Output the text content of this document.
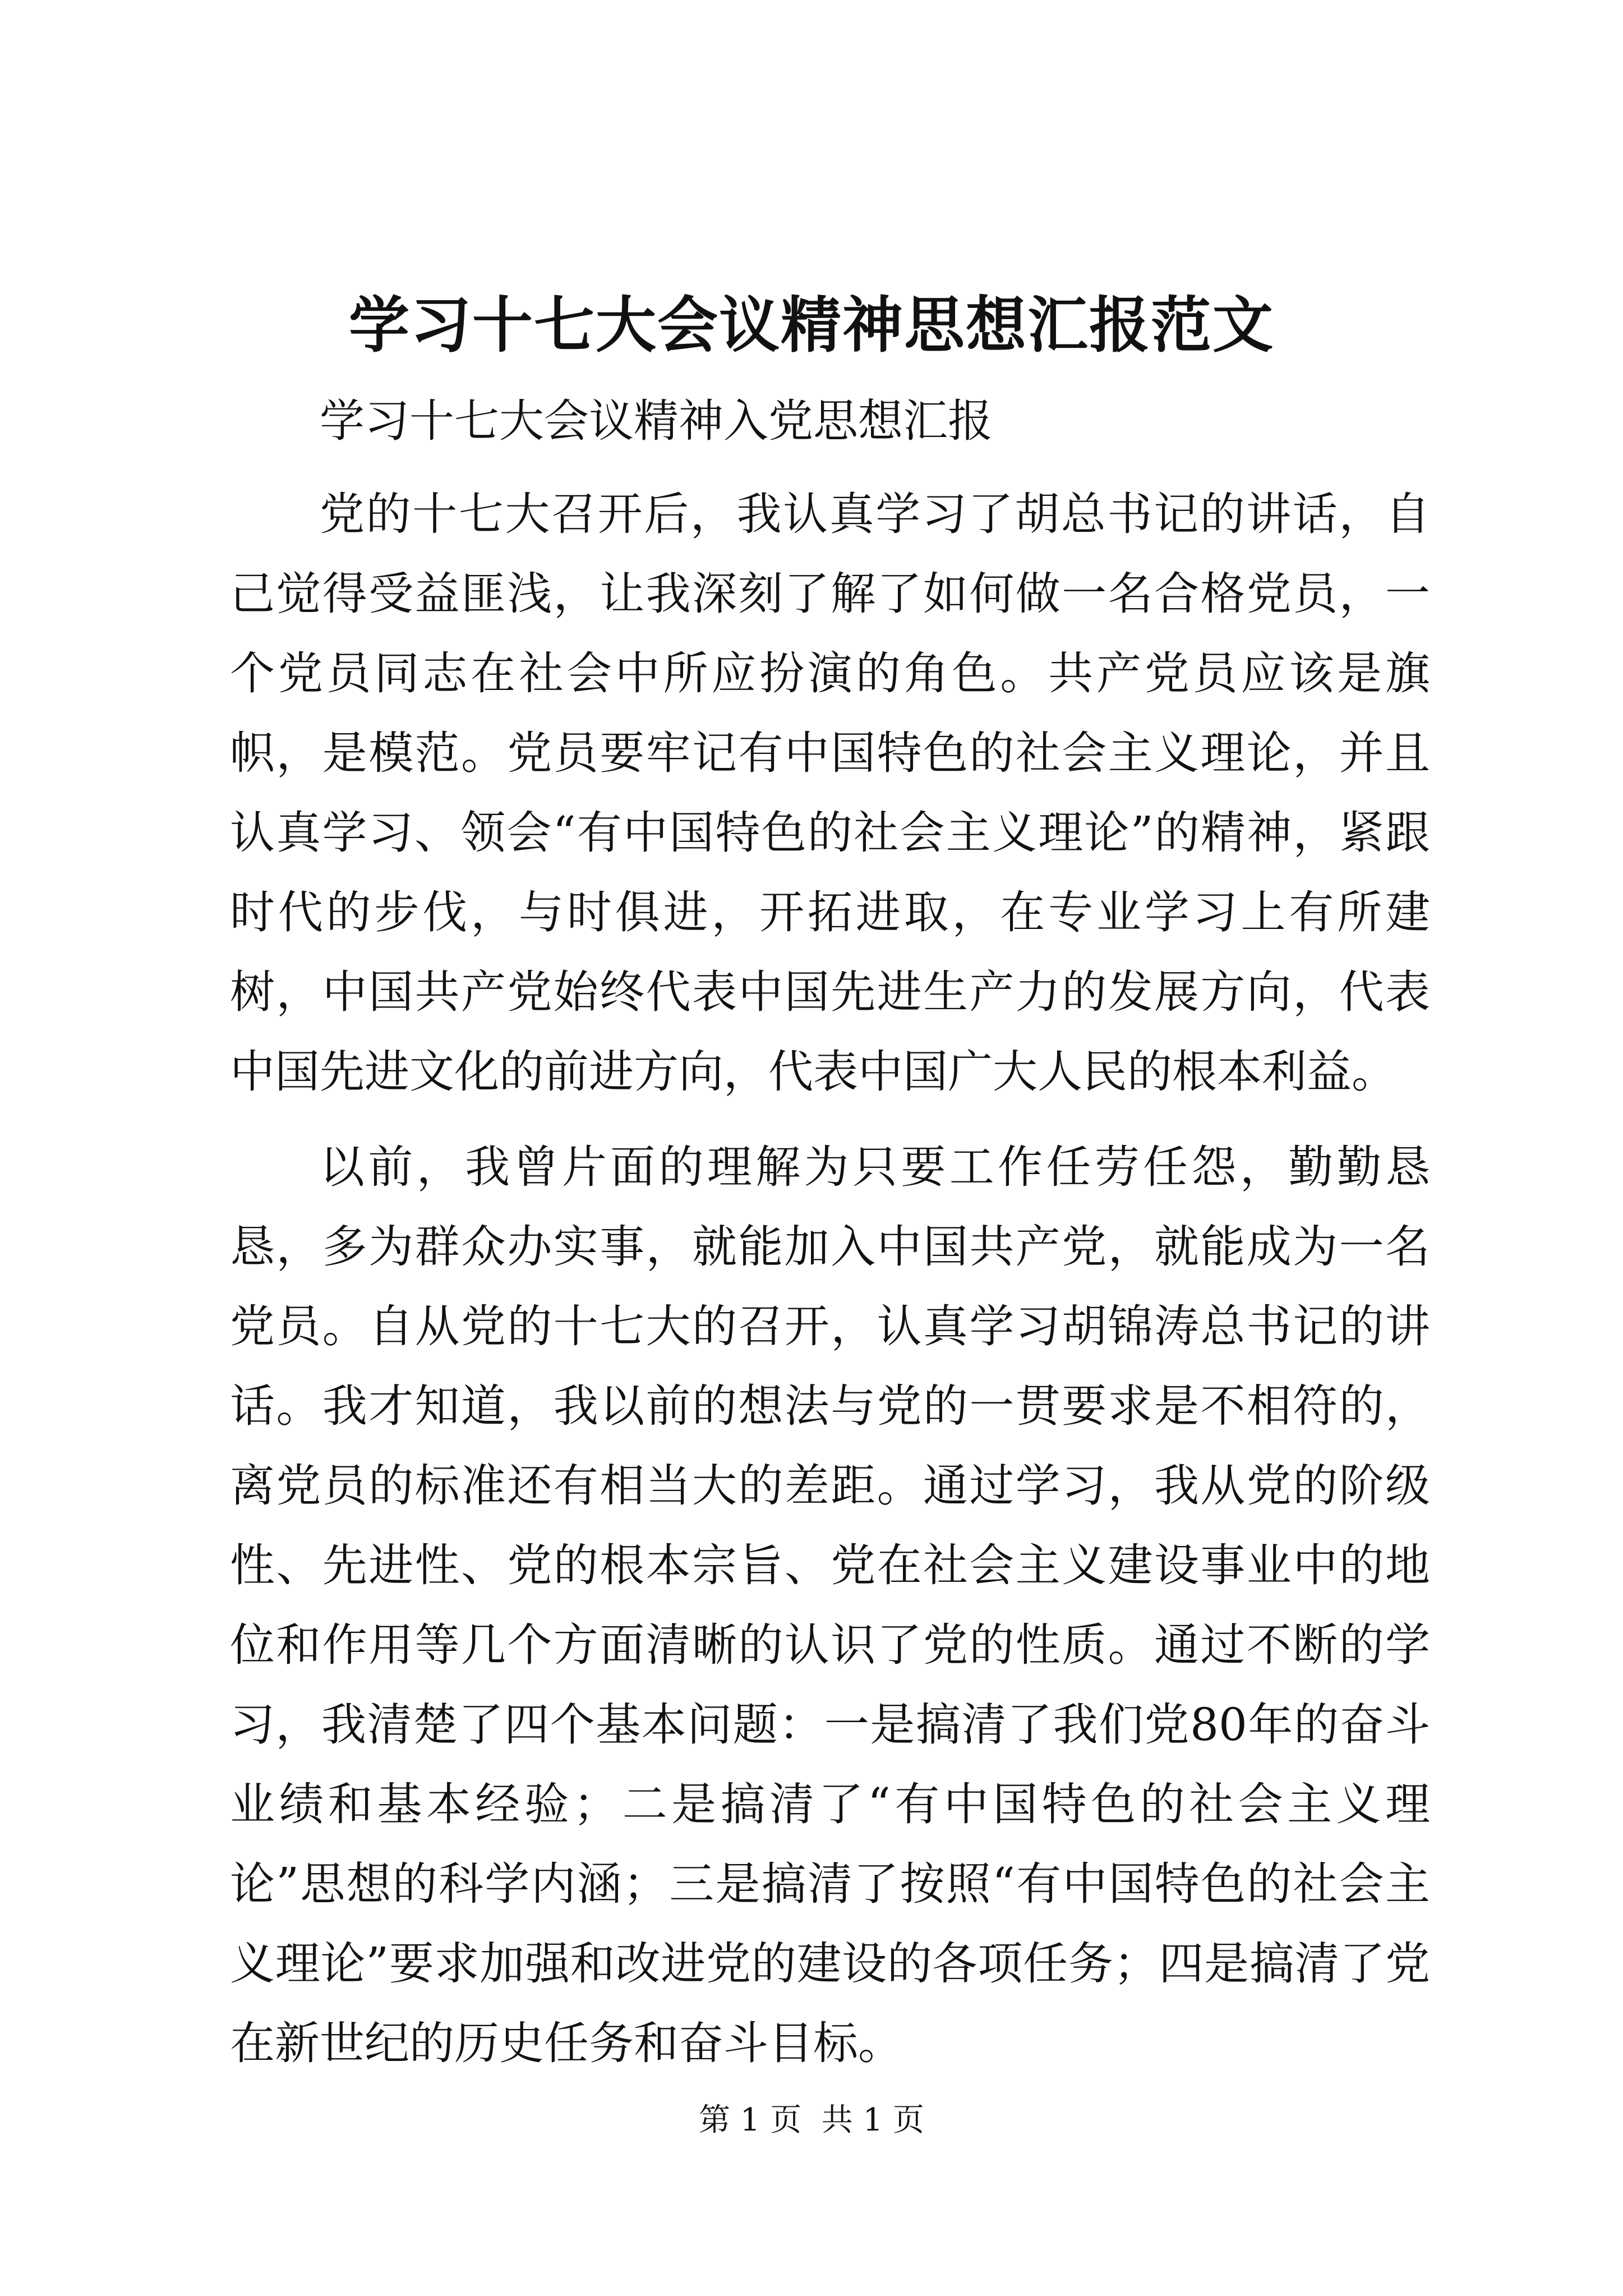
学习十七大会议精神思想汇报范文

学习十七大会议精神入党思想汇报

党的十七大召开后，我认真学习了胡总书记的讲话，自己觉得受益匪浅，让我深刻了解了如何做一名合格党员，一个党员同志在社会中所应扮演的角色。共产党员应该是旗帜，是模范。党员要牢记有中国特色的社会主义理论，并且认真学习、领会“有中国特色的社会主义理论”的精神，紧跟时代的步伐，与时俱进，开拓进取，在专业学习上有所建树，中国共产党始终代表中国先进生产力的发展方向，代表中国先进文化的前进方向，代表中国广大人民的根本利益。

以前，我曾片面的理解为只要工作任劳任怨，勤勤恳恳，多为群众办实事，就能加入中国共产党，就能成为一名党员。自从党的十七大的召开，认真学习胡锦涛总书记的讲话。我才知道，我以前的想法与党的一贯要求是不相符的，离党员的标准还有相当大的差距。通过学习，我从党的阶级性、先进性、党的根本宗旨、党在社会主义建设事业中的地位和作用等几个方面清晰的认识了党的性质。通过不断的学习，我清楚了四个基本问题：一是搞清了我们党80年的奋斗业绩和基本经验；二是搞清了“有中国特色的社会主义理论”思想的科学内涵；三是搞清了按照“有中国特色的社会主义理论”要求加强和改进党的建设的各项任务；四是搞清了党在新世纪的历史任务和奋斗目标。

第 1 页  共 1 页
